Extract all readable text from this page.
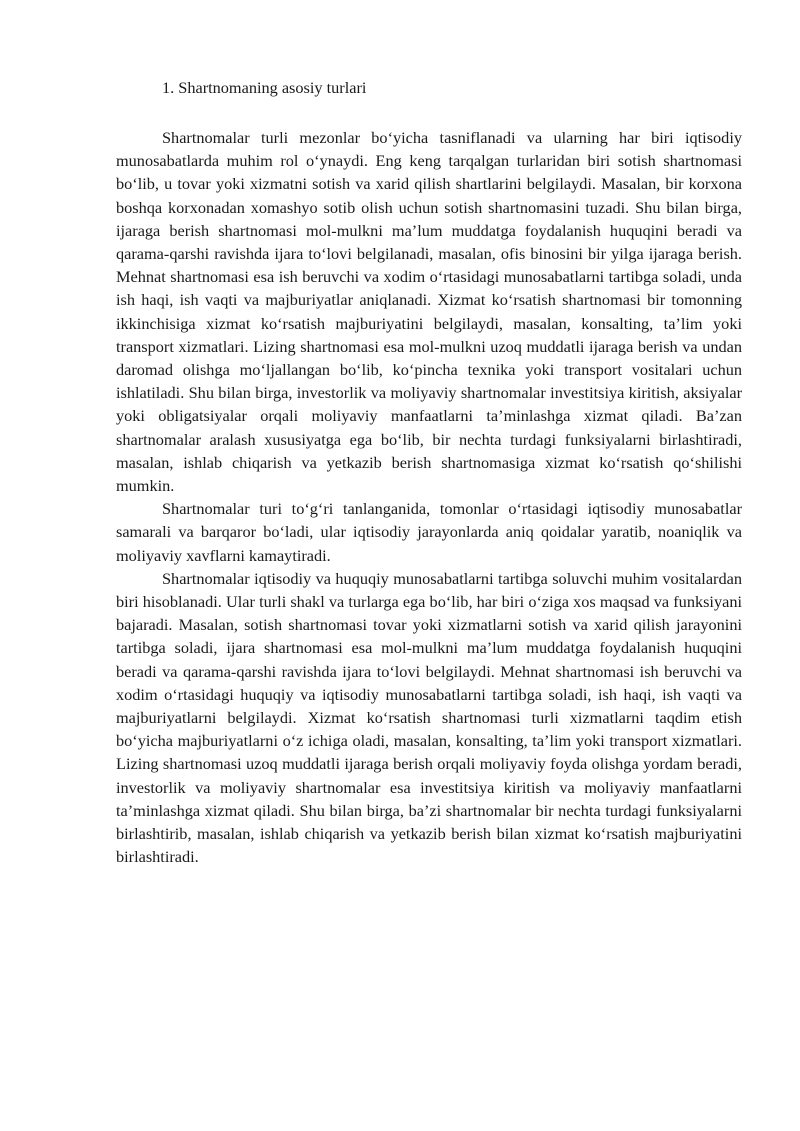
1. Shartnomaning asosiy turlari

Shartnomalar turli mezonlar bo‘yicha tasniflanadi va ularning har biri iqtisodiy munosabatlarda muhim rol o‘ynaydi. Eng keng tarqalgan turlaridan biri sotish shartnomasi bo‘lib, u tovar yoki xizmatni sotish va xarid qilish shartlarini belgilaydi. Masalan, bir korxona boshqa korxonadan xomashyo sotib olish uchun sotish shartnomasini tuzadi. Shu bilan birga, ijaraga berish shartnomasi mol-mulkni ma’lum muddatga foydalanish huquqini beradi va qarama-qarshi ravishda ijara to‘lovi belgilanadi, masalan, ofis binosini bir yilga ijaraga berish. Mehnat shartnomasi esa ish beruvchi va xodim o‘rtasidagi munosabatlarni tartibga soladi, unda ish haqi, ish vaqti va majburiyatlar aniqlanadi. Xizmat ko‘rsatish shartnomasi bir tomonning ikkinchisiga xizmat ko‘rsatish majburiyatini belgilaydi, masalan, konsalting, ta’lim yoki transport xizmatlari. Lizing shartnomasi esa mol-mulkni uzoq muddatli ijaraga berish va undan daromad olishga mo‘ljallangan bo‘lib, ko‘pincha texnika yoki transport vositalari uchun ishlatiladi. Shu bilan birga, investorlik va moliyaviy shartnomalar investitsiya kiritish, aksiyalar yoki obligatsiyalar orqali moliyaviy manfaatlarni ta’minlashga xizmat qiladi. Ba’zan shartnomalar aralash xususiyatga ega bo‘lib, bir nechta turdagi funksiyalarni birlashtiradi, masalan, ishlab chiqarish va yetkazib berish shartnomasiga xizmat ko‘rsatish qo‘shilishi mumkin.

Shartnomalar turi to‘g‘ri tanlanganida, tomonlar o‘rtasidagi iqtisodiy munosabatlar samarali va barqaror bo‘ladi, ular iqtisodiy jarayonlarda aniq qoidalar yaratib, noaniqlik va moliyaviy xavflarni kamaytiradi.

Shartnomalar iqtisodiy va huquqiy munosabatlarni tartibga soluvchi muhim vositalardan biri hisoblanadi. Ular turli shakl va turlarga ega bo‘lib, har biri o‘ziga xos maqsad va funksiyani bajaradi. Masalan, sotish shartnomasi tovar yoki xizmatlarni sotish va xarid qilish jarayonini tartibga soladi, ijara shartnomasi esa mol-mulkni ma’lum muddatga foydalanish huquqini beradi va qarama-qarshi ravishda ijara to‘lovi belgilaydi. Mehnat shartnomasi ish beruvchi va xodim o‘rtasidagi huquqiy va iqtisodiy munosabatlarni tartibga soladi, ish haqi, ish vaqti va majburiyatlarni belgilaydi. Xizmat ko‘rsatish shartnomasi turli xizmatlarni taqdim etish bo‘yicha majburiyatlarni o‘z ichiga oladi, masalan, konsalting, ta’lim yoki transport xizmatlari. Lizing shartnomasi uzoq muddatli ijaraga berish orqali moliyaviy foyda olishga yordam beradi, investorlik va moliyaviy shartnomalar esa investitsiya kiritish va moliyaviy manfaatlarni ta’minlashga xizmat qiladi. Shu bilan birga, ba’zi shartnomalar bir nechta turdagi funksiyalarni birlashtirib, masalan, ishlab chiqarish va yetkazib berish bilan xizmat ko‘rsatish majburiyatini birlashtiradi.
